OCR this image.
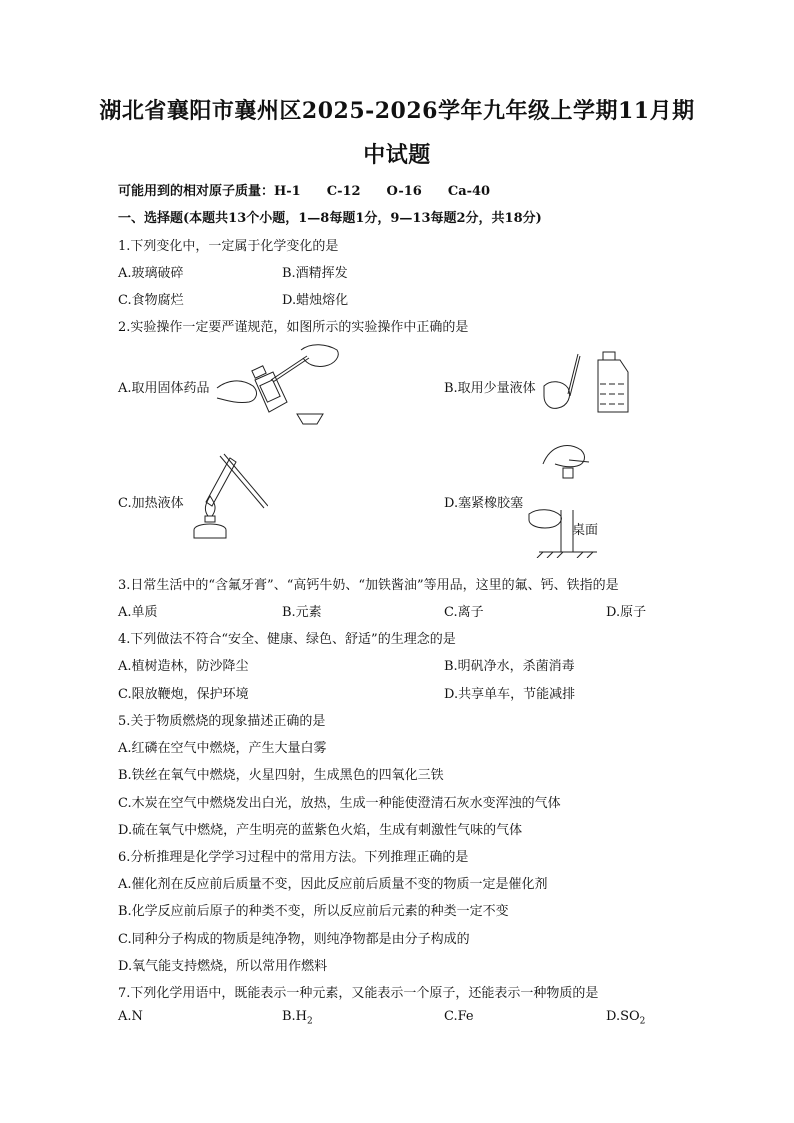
湖北省襄阳市襄州区2025-2026学年九年级上学期11月期
中试题
可能用到的相对原子质量：H-1　　C-12　　O-16　　Ca-40
一、选择题(本题共13个小题，1—8每题1分，9—13每题2分，共18分)
1.下列变化中，一定属于化学变化的是
A.玻璃破碎	B.酒精挥发
C.食物腐烂	D.蜡烛熔化
2.实验操作一定要严谨规范，如图所示的实验操作中正确的是
A.取用固体药品	B.取用少量液体
C.加热液体	D.塞紧橡胶塞
桌面
3.日常生活中的“含氟牙膏”、“高钙牛奶、“加铁酱油”等用品，这里的氟、钙、铁指的是
A.单质	B.元素	C.离子	D.原子
4.下列做法不符合“安全、健康、绿色、舒适”的生理念的是
A.植树造林，防沙降尘	B.明矾净水，杀菌消毒
C.限放鞭炮，保护环境	D.共享单车，节能减排
5.关于物质燃烧的现象描述正确的是
A.红磷在空气中燃烧，产生大量白雾
B.铁丝在氧气中燃烧，火星四射，生成黑色的四氧化三铁
C.木炭在空气中燃烧发出白光，放热，生成一种能使澄清石灰水变浑浊的气体
D.硫在氧气中燃烧，产生明亮的蓝紫色火焰，生成有刺激性气味的气体
6.分析推理是化学学习过程中的常用方法。下列推理正确的是
A.催化剂在反应前后质量不变，因此反应前后质量不变的物质一定是催化剂
B.化学反应前后原子的种类不变，所以反应前后元素的种类一定不变
C.同种分子构成的物质是纯净物，则纯净物都是由分子构成的
D.氧气能支持燃烧，所以常用作燃料
7.下列化学用语中，既能表示一种元素，又能表示一个原子，还能表示一种物质的是
A.N	$B.H_2$	C.Fe	$D.SO_2$
